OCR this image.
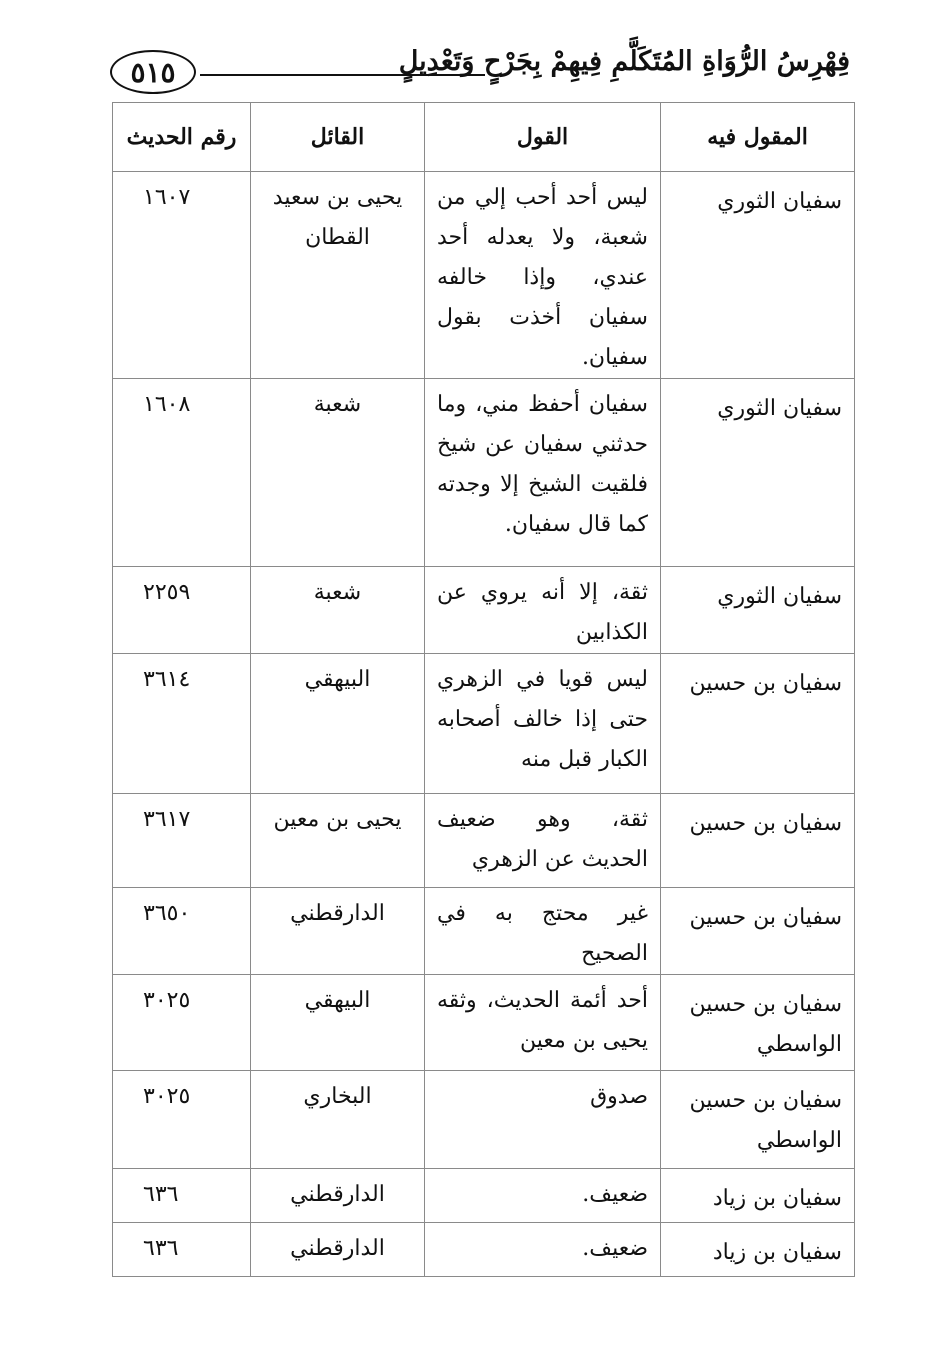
٥١٥	فِهْرِسُ الرُّوَاةِ المُتَكَلَّمِ فِيهِمْ بِجَرْحٍ وَتَعْدِيلٍ
المقول فيه	القول	القائل	رقم الحديث
سفيان الثوري	ليس أحد أحب إلي من شعبة، ولا يعدله أحد عندي، وإذا خالفه سفيان أخذت بقول سفيان.	يحيى بن سعيد القطان	١٦٠٧
سفيان الثوري	سفيان أحفظ مني، وما حدثني سفيان عن شيخ فلقيت الشيخ إلا وجدته كما قال سفيان.	شعبة	١٦٠٨
سفيان الثوري	ثقة، إلا أنه يروي عن الكذابين	شعبة	٢٢٥٩
سفيان بن حسين	ليس قويا في الزهري حتى إذا خالف أصحابه الكبار قبل منه	البيهقي	٣٦١٤
سفيان بن حسين	ثقة، وهو ضعيف الحديث عن الزهري	يحيى بن معين	٣٦١٧
سفيان بن حسين	غير محتج به في الصحيح	الدارقطني	٣٦٥٠
سفيان بن حسين الواسطي	أحد أئمة الحديث، وثقه يحيى بن معين	البيهقي	٣٠٢٥
سفيان بن حسين الواسطي	صدوق	البخاري	٣٠٢٥
سفيان بن زياد	ضعيف.	الدارقطني	٦٣٦
سفيان بن زياد	ضعيف.	الدارقطني	٦٣٦
